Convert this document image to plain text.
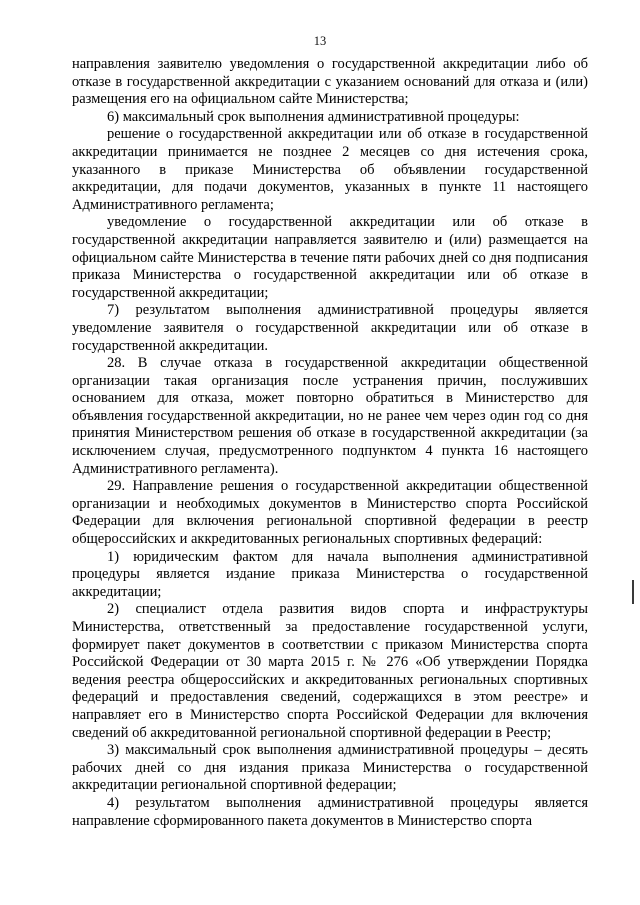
13

направления заявителю уведомления о государственной аккредитации либо об отказе в государственной аккредитации с указанием оснований для отказа и (или) размещения его на официальном сайте Министерства;

6) максимальный срок выполнения административной процедуры:

решение о государственной аккредитации или об отказе в государственной аккредитации принимается не позднее 2 месяцев со дня истечения срока, указанного в приказе Министерства об объявлении государственной аккредитации, для подачи документов, указанных в пункте 11 настоящего Административного регламента;

уведомление о государственной аккредитации или об отказе в государственной аккредитации направляется заявителю и (или) размещается на официальном сайте Министерства в течение пяти рабочих дней со дня подписания приказа Министерства о государственной аккредитации или об отказе в государственной аккредитации;

7) результатом выполнения административной процедуры является уведомление заявителя о государственной аккредитации или об отказе в государственной аккредитации.

28. В случае отказа в государственной аккредитации общественной организации такая организация после устранения причин, послуживших основанием для отказа, может повторно обратиться в Министерство для объявления государственной аккредитации, но не ранее чем через один год со дня принятия Министерством решения об отказе в государственной аккредитации (за исключением случая, предусмотренного подпунктом 4 пункта 16 настоящего Административного регламента).

29. Направление решения о государственной аккредитации общественной организации и необходимых документов в Министерство спорта Российской Федерации для включения региональной спортивной федерации в реестр общероссийских и аккредитованных региональных спортивных федераций:

1) юридическим фактом для начала выполнения административной процедуры является издание приказа Министерства о государственной аккредитации;

2) специалист отдела развития видов спорта и инфраструктуры Министерства, ответственный за предоставление государственной услуги, формирует пакет документов в соответствии с приказом Министерства спорта Российской Федерации от 30 марта 2015 г. № 276 «Об утверждении Порядка ведения реестра общероссийских и аккредитованных региональных спортивных федераций и предоставления сведений, содержащихся в этом реестре» и направляет его в Министерство спорта Российской Федерации для включения сведений об аккредитованной региональной спортивной федерации в Реестр;

3) максимальный срок выполнения административной процедуры – десять рабочих дней со дня издания приказа Министерства о государственной аккредитации региональной спортивной федерации;

4) результатом выполнения административной процедуры является направление сформированного пакета документов в Министерство спорта
